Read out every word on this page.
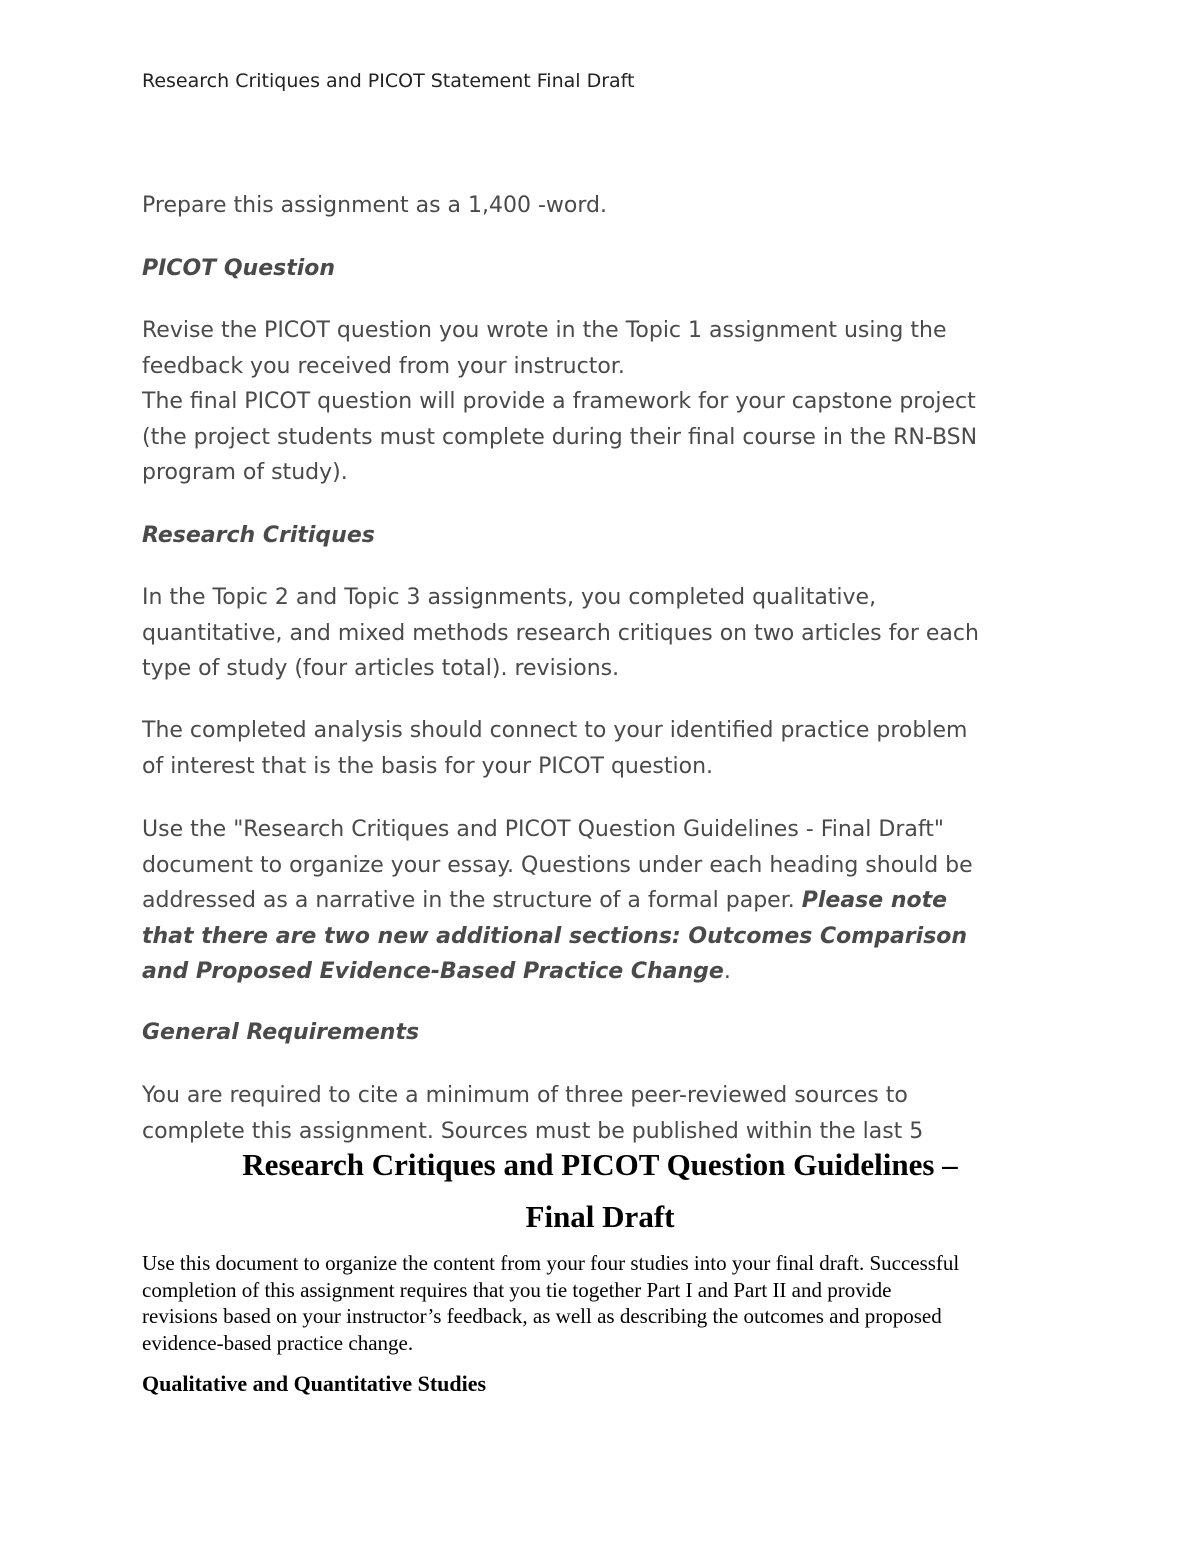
Research Critiques and PICOT Statement Final Draft
Prepare this assignment as a 1,400 -word.
PICOT Question
Revise the PICOT question you wrote in the Topic 1 assignment using the
feedback you received from your instructor.
The final PICOT question will provide a framework for your capstone project
(the project students must complete during their final course in the RN-BSN
program of study).
Research Critiques
In the Topic 2 and Topic 3 assignments, you completed qualitative,
quantitative, and mixed methods research critiques on two articles for each
type of study (four articles total). revisions.
The completed analysis should connect to your identified practice problem
of interest that is the basis for your PICOT question.
Use the "Research Critiques and PICOT Question Guidelines - Final Draft"
document to organize your essay. Questions under each heading should be
addressed as a narrative in the structure of a formal paper. Please note
that there are two new additional sections: Outcomes Comparison
and Proposed Evidence-Based Practice Change.
General Requirements
You are required to cite a minimum of three peer-reviewed sources to
complete this assignment. Sources must be published within the last 5
Research Critiques and PICOT Question Guidelines –
Final Draft
Use this document to organize the content from your four studies into your final draft. Successful
completion of this assignment requires that you tie together Part I and Part II and provide
revisions based on your instructor’s feedback, as well as describing the outcomes and proposed
evidence-based practice change.
Qualitative and Quantitative Studies
